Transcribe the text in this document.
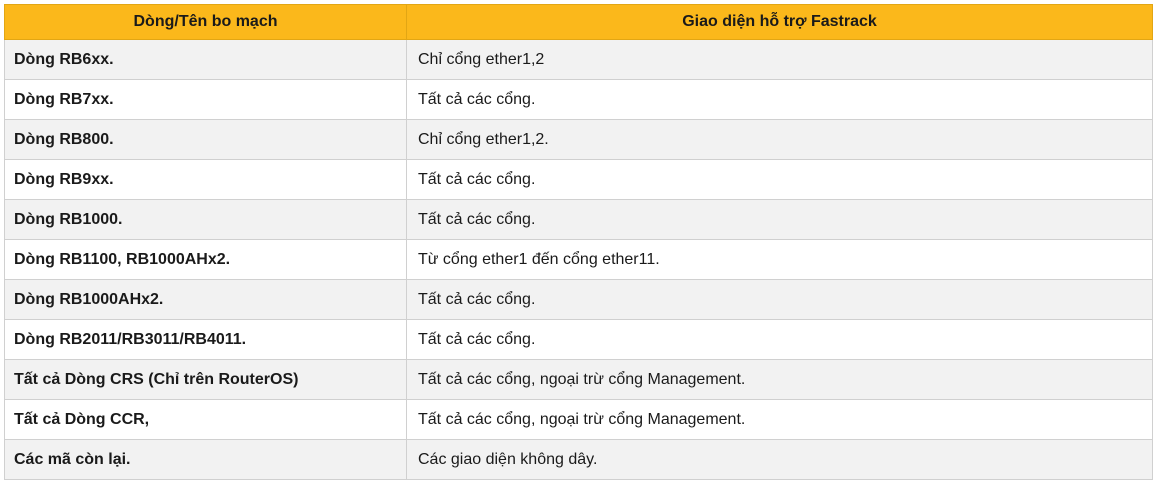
Dòng/Tên bo mạch	Giao diện hỗ trợ Fastrack
Dòng RB6xx.	Chỉ cổng ether1,2
Dòng RB7xx.	Tất cả các cổng.
Dòng RB800.	Chỉ cổng ether1,2.
Dòng RB9xx.	Tất cả các cổng.
Dòng RB1000.	Tất cả các cổng.
Dòng RB1100, RB1000AHx2.	Từ cổng ether1 đến cổng ether11.
Dòng RB1000AHx2.	Tất cả các cổng.
Dòng RB2011/RB3011/RB4011.	Tất cả các cổng.
Tất cả Dòng CRS (Chỉ trên RouterOS)	Tất cả các cổng, ngoại trừ cổng Management.
Tất cả Dòng CCR,	Tất cả các cổng, ngoại trừ cổng Management.
Các mã còn lại.	Các giao diện không dây.
